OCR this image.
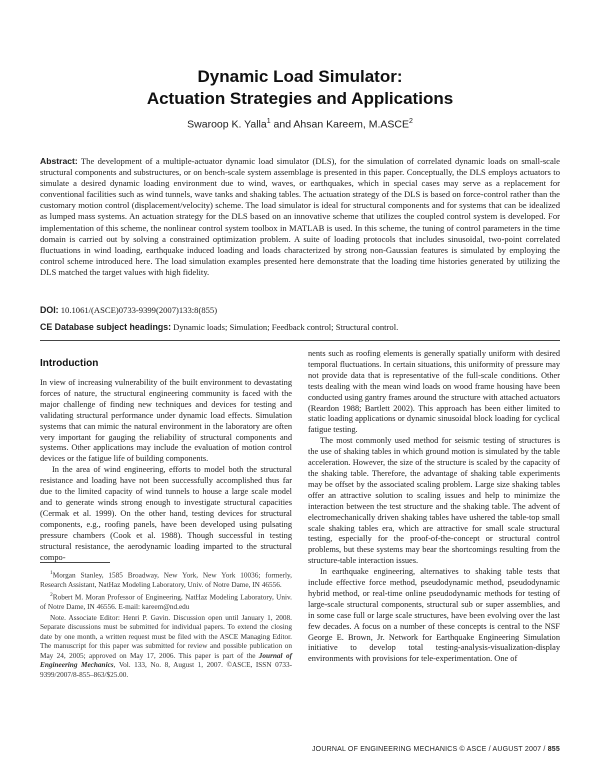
Dynamic Load Simulator:
Actuation Strategies and Applications
Swaroop K. Yalla$^1$ and Ahsan Kareem, M.ASCE$^2$
Abstract: The development of a multiple-actuator dynamic load simulator (DLS), for the simulation of correlated dynamic loads on small-scale structural components and substructures, or on bench-scale system assemblage is presented in this paper. Conceptually, the DLS employs actuators to simulate a desired dynamic loading environment due to wind, waves, or earthquakes, which in special cases may serve as a replacement for conventional facilities such as wind tunnels, wave tanks and shaking tables. The actuation strategy of the DLS is based on force-control rather than the customary motion control (displacement/velocity) scheme. The load simulator is ideal for structural components and for systems that can be idealized as lumped mass systems. An actuation strategy for the DLS based on an innovative scheme that utilizes the coupled control system is developed. For implementation of this scheme, the nonlinear control system toolbox in MATLAB is used. In this scheme, the tuning of control parameters in the time domain is carried out by solving a constrained optimization problem. A suite of loading protocols that includes sinusoidal, two-point correlated fluctuations in wind loading, earthquake induced loading and loads characterized by strong non-Gaussian features is simulated by employing the control scheme introduced here. The load simulation examples presented here demonstrate that the loading time histories generated by utilizing the DLS matched the target values with high fidelity.
DOI: 10.1061/(ASCE)0733-9399(2007)133:8(855)
CE Database subject headings: Dynamic loads; Simulation; Feedback control; Structural control.
Introduction

In view of increasing vulnerability of the built environment to devastating forces of nature, the structural engineering community is faced with the major challenge of finding new techniques and devices for testing and validating structural performance under dynamic load effects. Simulation systems that can mimic the natural environment in the laboratory are often very important for gauging the reliability of structural components and systems. Other applications may include the evaluation of motion control devices or the fatigue life of building components.

In the area of wind engineering, efforts to model both the structural resistance and loading have not been successfully accomplished thus far due to the limited capacity of wind tunnels to house a large scale model and to generate winds strong enough to investigate structural capacities (Cermak et al. 1999). On the other hand, testing devices for structural components, e.g., roofing panels, have been developed using pulsating pressure chambers (Cook et al. 1988). Though successful in testing structural resistance, the aerodynamic loading imparted to the structural compo-

nents such as roofing elements is generally spatially uniform with desired temporal fluctuations. In certain situations, this uniformity of pressure may not provide data that is representative of the full-scale conditions. Other tests dealing with the mean wind loads on wood frame housing have been conducted using gantry frames around the structure with attached actuators (Reardon 1988; Bartlett 2002). This approach has been either limited to static loading applications or dynamic sinusoidal block loading for cyclical fatigue testing.

The most commonly used method for seismic testing of structures is the use of shaking tables in which ground motion is simulated by the table acceleration. However, the size of the structure is scaled by the capacity of the shaking table. Therefore, the advantage of shaking table experiments may be offset by the associated scaling problem. Large size shaking tables offer an attractive solution to scaling issues and help to minimize the interaction between the test structure and the shaking table. The advent of electromechanically driven shaking tables have ushered the table-top small scale shaking tables era, which are attractive for small scale structural testing, especially for the proof-of-the-concept or structural control problems, but these systems may bear the shortcomings resulting from the structure-table interaction issues.

In earthquake engineering, alternatives to shaking table tests that include effective force method, pseudodynamic method, pseudodynamic hybrid method, or real-time online pseudodynamic methods for testing of large-scale structural components, structural sub or super assemblies, and in some case full or large scale structures, have been evolving over the last few decades. A focus on a number of these concepts is central to the NSF George E. Brown, Jr. Network for Earthquake Engineering Simulation initiative to develop total testing-analysis-visualization-display environments with provisions for tele-experimentation. One of

$^1$Morgan Stanley, 1585 Broadway, New York, New York 10036; formerly, Research Assistant, NatHaz Modeling Laboratory, Univ. of Notre Dame, IN 46556.

$^2$Robert M. Moran Professor of Engineering, NatHaz Modeling Laboratory, Univ. of Notre Dame, IN 46556. E-mail: kareem@nd.edu

Note. Associate Editor: Henri P. Gavin. Discussion open until January 1, 2008. Separate discussions must be submitted for individual papers. To extend the closing date by one month, a written request must be filed with the ASCE Managing Editor. The manuscript for this paper was submitted for review and possible publication on May 24, 2005; approved on May 17, 2006. This paper is part of the Journal of Engineering Mechanics, Vol. 133, No. 8, August 1, 2007. ©ASCE, ISSN 0733-9399/2007/8-855–863/$25.00.

JOURNAL OF ENGINEERING MECHANICS © ASCE / AUGUST 2007 / 855
